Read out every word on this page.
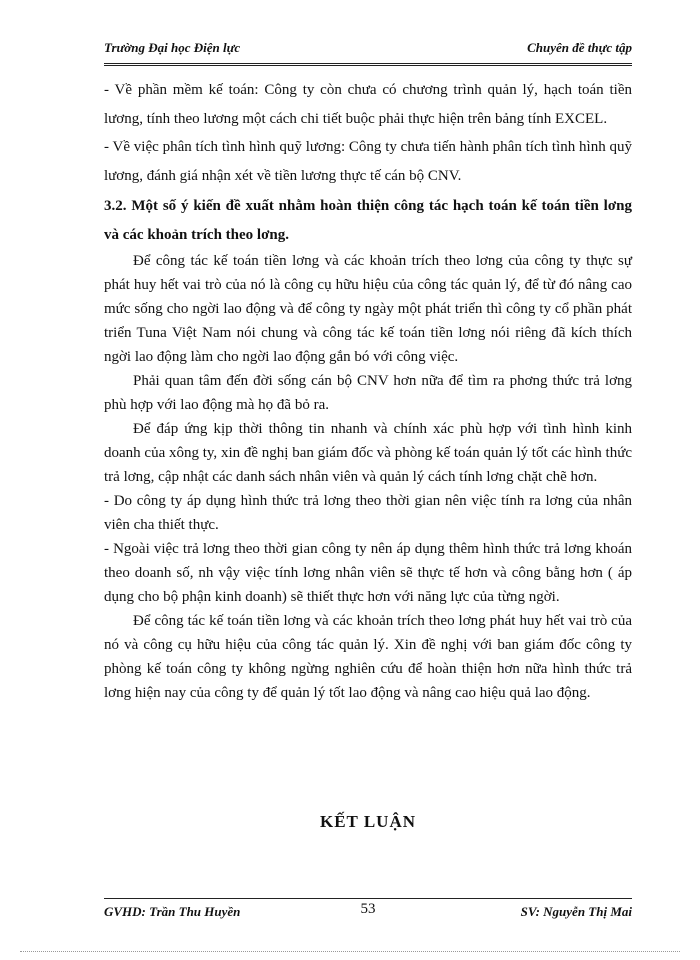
Trường Đại học Điện lực	Chuyên đề thực tập

- Về phần mềm kế toán: Công ty còn chưa có chương trình quản lý, hạch toán tiền lương, tính theo lương một cách chi tiết buộc phải thực hiện trên bảng tính EXCEL.

- Về việc phân tích tình hình quỹ lương: Công ty chưa tiến hành phân tích tình hình quỹ lương, đánh giá nhận xét về tiền lương thực tế cán bộ CNV.

3.2. Một số ý kiến đề xuất nhằm hoàn thiện công tác hạch toán kế toán tiền lơng và các khoản trích theo lơng.

Để công tác kế toán tiền lơng và các khoản trích theo lơng của công ty thực sự phát huy hết vai trò của nó là công cụ hữu hiệu của công tác quản lý, để từ đó nâng cao mức sống cho ngời lao động và để công ty ngày một phát triển thì công ty cổ phần phát triển Tuna Việt Nam nói chung và công tác kế toán tiền lơng nói riêng đã kích thích ngời lao động làm cho ngời lao động gắn bó với công việc.

Phải quan tâm đến đời sống cán bộ CNV hơn nữa để tìm ra phơng thức trả lơng phù hợp với lao động mà họ đã bỏ ra.

Để đáp ứng kịp thời thông tin nhanh và chính xác phù hợp với tình hình kinh doanh của xông ty, xin đề nghị ban giám đốc và phòng kế toán quản lý tốt các hình thức trả lơng, cập nhật các danh sách nhân viên và quản lý cách tính lơng chặt chẽ hơn.

- Do công ty áp dụng hình thức trả lơng theo thời gian nên việc tính ra lơng của nhân viên cha thiết thực.

- Ngoài việc trả lơng theo thời gian công ty nên áp dụng thêm hình thức trả lơng khoán theo doanh số, nh vậy việc tính lơng nhân viên sẽ thực tế hơn và công bằng hơn ( áp dụng cho bộ phận kinh doanh) sẽ thiết thực hơn với năng lực của từng ngời.

Để công tác kế toán tiền lơng và các khoản trích theo lơng phát huy hết vai trò của nó và công cụ hữu hiệu của công tác quản lý. Xin đề nghị với ban giám đốc công ty phòng kế toán công ty không ngừng nghiên cứu để hoàn thiện hơn nữa hình thức trả lơng hiện nay của công ty để quản lý tốt lao động và nâng cao hiệu quả lao động.

KẾT LUẬN
GVHD: Trần Thu Huyền	53	SV: Nguyễn Thị Mai
